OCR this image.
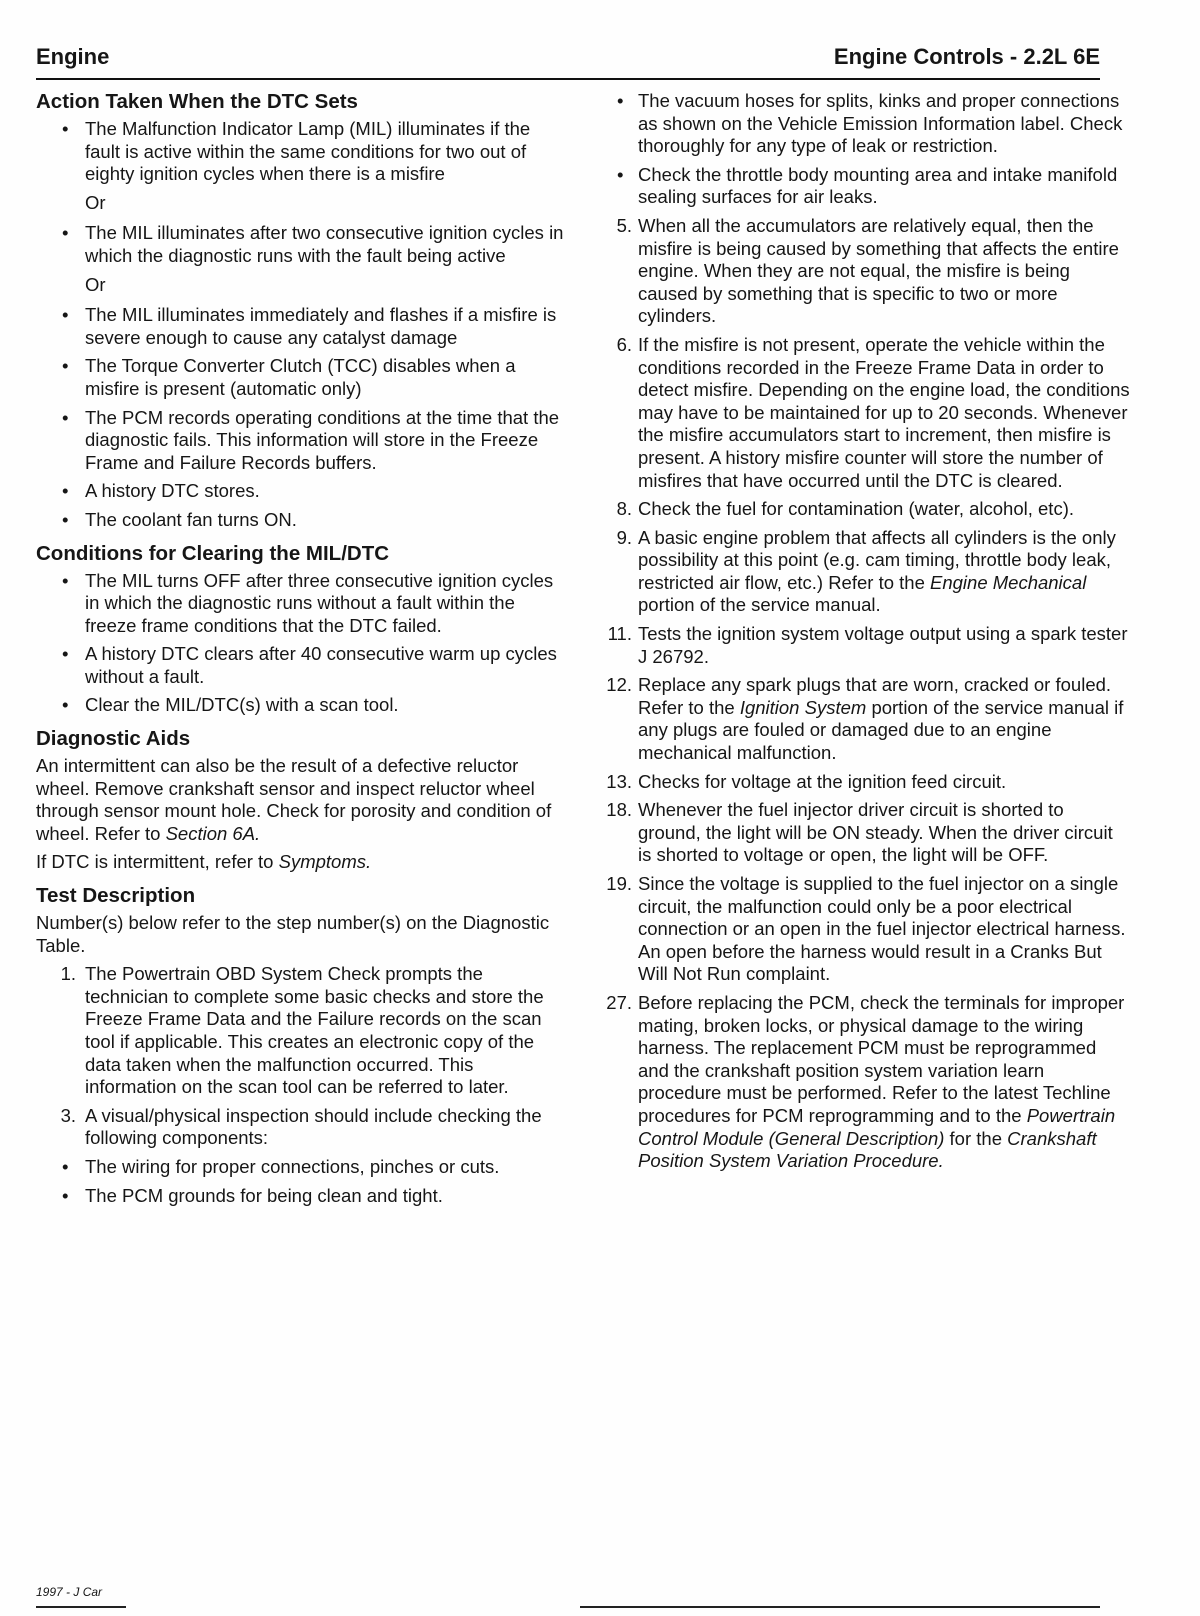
Engine	Engine Controls - 2.2L 6E
Action Taken When the DTC Sets
• The Malfunction Indicator Lamp (MIL) illuminates if the fault is active within the same conditions for two out of eighty ignition cycles when there is a misfire
Or
• The MIL illuminates after two consecutive ignition cycles in which the diagnostic runs with the fault being active
Or
• The MIL illuminates immediately and flashes if a misfire is severe enough to cause any catalyst damage
• The Torque Converter Clutch (TCC) disables when a misfire is present (automatic only)
• The PCM records operating conditions at the time that the diagnostic fails. This information will store in the Freeze Frame and Failure Records buffers.
• A history DTC stores.
• The coolant fan turns ON.
Conditions for Clearing the MIL/DTC
• The MIL turns OFF after three consecutive ignition cycles in which the diagnostic runs without a fault within the freeze frame conditions that the DTC failed.
• A history DTC clears after 40 consecutive warm up cycles without a fault.
• Clear the MIL/DTC(s) with a scan tool.
Diagnostic Aids

An intermittent can also be the result of a defective reluctor wheel. Remove crankshaft sensor and inspect reluctor wheel through sensor mount hole. Check for porosity and condition of wheel. Refer to Section 6A.

If DTC is intermittent, refer to Symptoms.

Test Description

Number(s) below refer to the step number(s) on the Diagnostic Table.

1. The Powertrain OBD System Check prompts the technician to complete some basic checks and store the Freeze Frame Data and the Failure records on the scan tool if applicable. This creates an electronic copy of the data taken when the malfunction occurred. This information on the scan tool can be referred to later.
3. A visual/physical inspection should include checking the following components:
• The wiring for proper connections, pinches or cuts.
• The PCM grounds for being clean and tight.
• The vacuum hoses for splits, kinks and proper connections as shown on the Vehicle Emission Information label. Check thoroughly for any type of leak or restriction.
• Check the throttle body mounting area and intake manifold sealing surfaces for air leaks.
5. When all the accumulators are relatively equal, then the misfire is being caused by something that affects the entire engine. When they are not equal, the misfire is being caused by something that is specific to two or more cylinders.
6. If the misfire is not present, operate the vehicle within the conditions recorded in the Freeze Frame Data in order to detect misfire. Depending on the engine load, the conditions may have to be maintained for up to 20 seconds. Whenever the misfire accumulators start to increment, then misfire is present. A history misfire counter will store the number of misfires that have occurred until the DTC is cleared.
8. Check the fuel for contamination (water, alcohol, etc).
9. A basic engine problem that affects all cylinders is the only possibility at this point (e.g. cam timing, throttle body leak, restricted air flow, etc.) Refer to the Engine Mechanical portion of the service manual.
11. Tests the ignition system voltage output using a spark tester J 26792.
12. Replace any spark plugs that are worn, cracked or fouled. Refer to the Ignition System portion of the service manual if any plugs are fouled or damaged due to an engine mechanical malfunction.
13. Checks for voltage at the ignition feed circuit.
18. Whenever the fuel injector driver circuit is shorted to ground, the light will be ON steady. When the driver circuit is shorted to voltage or open, the light will be OFF.
19. Since the voltage is supplied to the fuel injector on a single circuit, the malfunction could only be a poor electrical connection or an open in the fuel injector electrical harness. An open before the harness would result in a Cranks But Will Not Run complaint.
27. Before replacing the PCM, check the terminals for improper mating, broken locks, or physical damage to the wiring harness. The replacement PCM must be reprogrammed and the crankshaft position system variation learn procedure must be performed. Refer to the latest Techline procedures for PCM reprogramming and to the Powertrain Control Module (General Description) for the Crankshaft Position System Variation Procedure.
1997 - J Car
